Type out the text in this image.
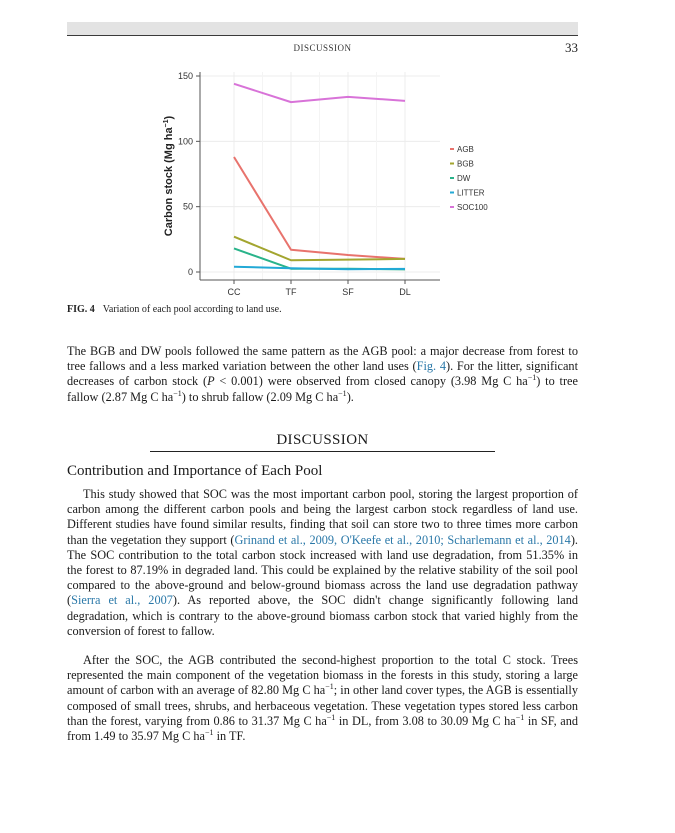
DISCUSSION	33
0
50
100
150
CC	TF	SF	DL
AGB
BGB
DW
LITTER
SOC100
Carbon stock (Mg $ha^{-1}$)
FIG. 4 Variation of each pool according to land use.

The BGB and DW pools followed the same pattern as the AGB pool: a major decrease from forest to tree fallows and a less marked variation between the other land uses (Fig. 4). For the litter, significant decreases of carbon stock (P < 0.001) were observed from closed canopy (3.98 Mg C $ha^{-1}$) to tree fallow (2.87 Mg C $ha^{-1}$) to shrub fallow (2.09 Mg C $ha^{-1}$).

DISCUSSION
Contribution and Importance of Each Pool

This study showed that SOC was the most important carbon pool, storing the largest proportion of carbon among the different carbon pools and being the largest carbon stock regardless of land use. Different studies have found similar results, finding that soil can store two to three times more carbon than the vegetation they support (Grinand et al., 2009, O'Keefe et al., 2010; Scharlemann et al., 2014). The SOC contribution to the total carbon stock increased with land use degradation, from 51.35% in the forest to 87.19% in degraded land. This could be explained by the relative stability of the soil pool compared to the above-ground and below-ground biomass across the land use degradation pathway (Sierra et al., 2007). As reported above, the SOC didn't change significantly following land degradation, which is contrary to the above-ground biomass carbon stock that varied highly from the conversion of forest to fallow.

After the SOC, the AGB contributed the second-highest proportion to the total C stock. Trees represented the main component of the vegetation biomass in the forests in this study, storing a large amount of carbon with an average of 82.80 Mg C $ha^{-1}$; in other land cover types, the AGB is essentially composed of small trees, shrubs, and herbaceous vegetation. These vegetation types stored less carbon than the forest, varying from 0.86 to 31.37 Mg C $ha^{-1}$ in DL, from 3.08 to 30.09 Mg C $ha^{-1}$ in SF, and from 1.49 to 35.97 Mg C $ha^{-1}$ in TF.
